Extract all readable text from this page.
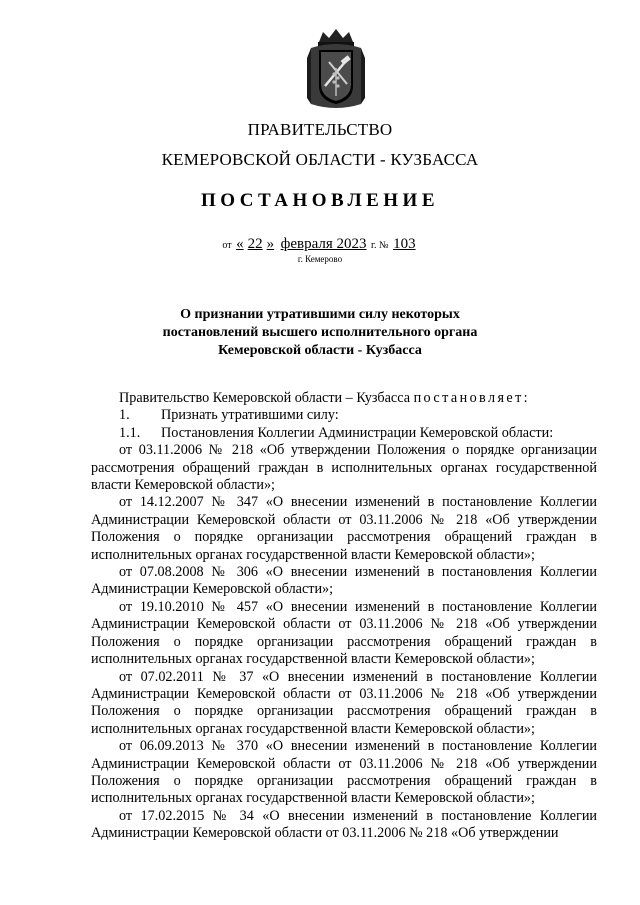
ПРАВИТЕЛЬСТВО
КЕМЕРОВСКОЙ ОБЛАСТИ - КУЗБАССА
ПОСТАНОВЛЕНИЕ
от « 22 » февраля 2023 г. № 103
г. Кемерово
О признании утратившими силу некоторых
постановлений высшего исполнительного органа
Кемеровской области - Кузбасса

Правительство Кемеровской области – Кузбасса постановляет:

1. Признать утратившими силу:

1.1. Постановления Коллегии Администрации Кемеровской области:

от 03.11.2006 № 218 «Об утверждении Положения о порядке организации рассмотрения обращений граждан в исполнительных органах государственной власти Кемеровской области»;

от 14.12.2007 № 347 «О внесении изменений в постановление Коллегии Администрации Кемеровской области от 03.11.2006 № 218 «Об утверждении Положения о порядке организации рассмотрения обращений граждан в исполнительных органах государственной власти Кемеровской области»;

от 07.08.2008 № 306 «О внесении изменений в постановления Коллегии Администрации Кемеровской области»;

от 19.10.2010 № 457 «О внесении изменений в постановление Коллегии Администрации Кемеровской области от 03.11.2006 № 218 «Об утверждении Положения о порядке организации рассмотрения обращений граждан в исполнительных органах государственной власти Кемеровской области»;

от 07.02.2011 № 37 «О внесении изменений в постановление Коллегии Администрации Кемеровской области от 03.11.2006 № 218 «Об утверждении Положения о порядке организации рассмотрения обращений граждан в исполнительных органах государственной власти Кемеровской области»;

от 06.09.2013 № 370 «О внесении изменений в постановление Коллегии Администрации Кемеровской области от 03.11.2006 № 218 «Об утверждении Положения о порядке организации рассмотрения обращений граждан в исполнительных органах государственной власти Кемеровской области»;

от 17.02.2015 № 34 «О внесении изменений в постановление Коллегии Администрации Кемеровской области от 03.11.2006 № 218 «Об утверждении
